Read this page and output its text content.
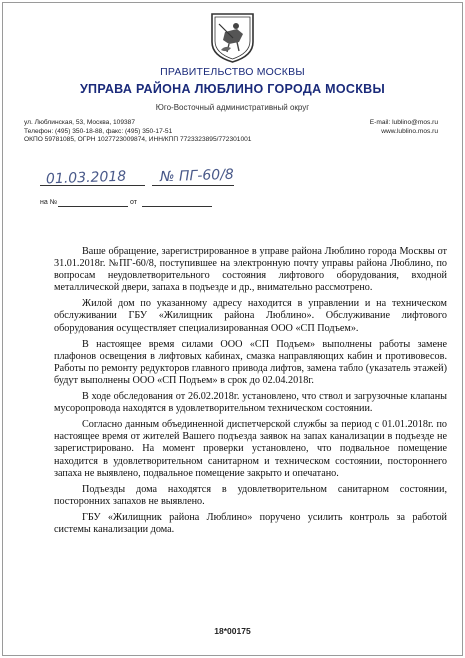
ПРАВИТЕЛЬСТВО МОСКВЫ
УПРАВА РАЙОНА ЛЮБЛИНО ГОРОДА МОСКВЫ
Юго-Восточный административный округ
ул. Люблинская, 53, Москва, 109387
Телефон: (495) 350-18-88, факс: (495) 350-17-51
ОКПО 59781085, ОГРН 1027723009874, ИНН/КПП 7723323895/772301001
E-mail: lublino@mos.ru
www.lublino.mos.ru
01.03.2018 № ПГ-60/8
на №	от

Ваше обращение, зарегистрированное в управе района Люблино города Москвы от 31.01.2018г. №ПГ-60/8, поступившее на электронную почту управы района Люблино, по вопросам неудовлетворительного состояния лифтового оборудования, входной металлической двери, запаха в подъезде и др., внимательно рассмотрено.

Жилой дом по указанному адресу находится в управлении и на техническом обслуживании ГБУ «Жилищник района Люблино». Обслуживание лифтового оборудования осуществляет специализированная ООО «СП Подъем».

В настоящее время силами ООО «СП Подъем» выполнены работы замене плафонов освещения в лифтовых кабинах, смазка направляющих кабин и противовесов. Работы по ремонту редукторов главного привода лифтов, замена табло (указатель этажей) будут выполнены ООО «СП Подъем» в срок до 02.04.2018г.

В ходе обследования от 26.02.2018г. установлено, что ствол и загрузочные клапаны мусоропровода находятся в удовлетворительном техническом состоянии.

Согласно данным объединенной диспетчерской службы за период с 01.01.2018г. по настоящее время от жителей Вашего подъезда заявок на запах канализации в подъезде не зарегистрировано. На момент проверки установлено, что подвальное помещение находится в удовлетворительном санитарном и техническом состоянии, постороннего запаха не выявлено, подвальное помещение закрыто и опечатано.

Подъезды дома находятся в удовлетворительном санитарном состоянии, посторонних запахов не выявлено.

ГБУ «Жилищник района Люблино» поручено усилить контроль за работой системы канализации дома.

18*00175
